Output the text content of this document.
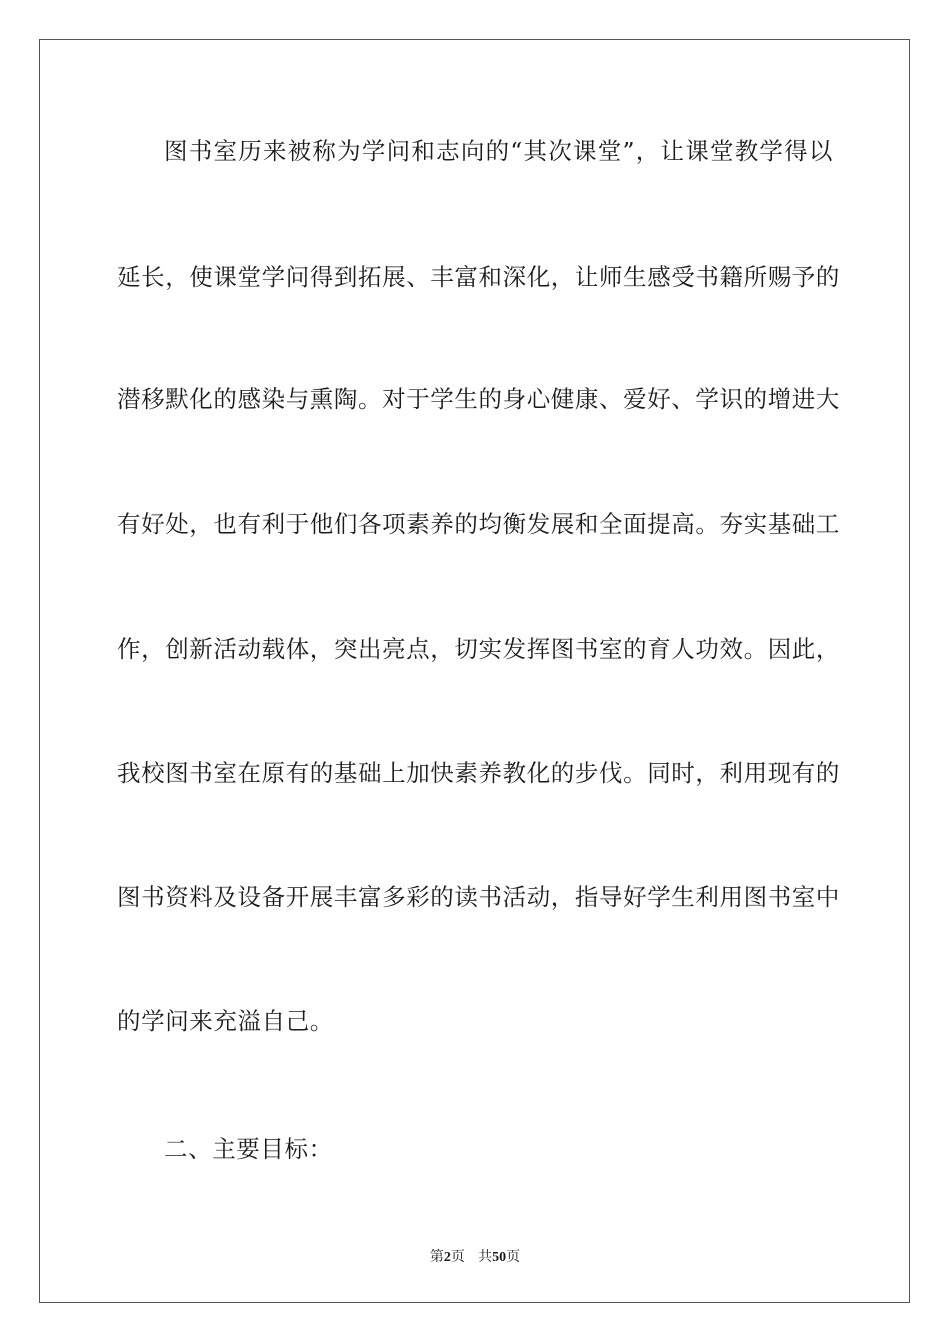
图书室历来被称为学问和志向的“其次课堂”，让课堂教学得以
延长，使课堂学问得到拓展、丰富和深化，让师生感受书籍所赐予的
潜移默化的感染与熏陶。对于学生的身心健康、爱好、学识的增进大
有好处，也有利于他们各项素养的均衡发展和全面提高。夯实基础工
作，创新活动载体，突出亮点，切实发挥图书室的育人功效。因此，
我校图书室在原有的基础上加快素养教化的步伐。同时，利用现有的
图书资料及设备开展丰富多彩的读书活动，指导好学生利用图书室中
的学问来充溢自己。
二、主要目标：
第2页 共50页
